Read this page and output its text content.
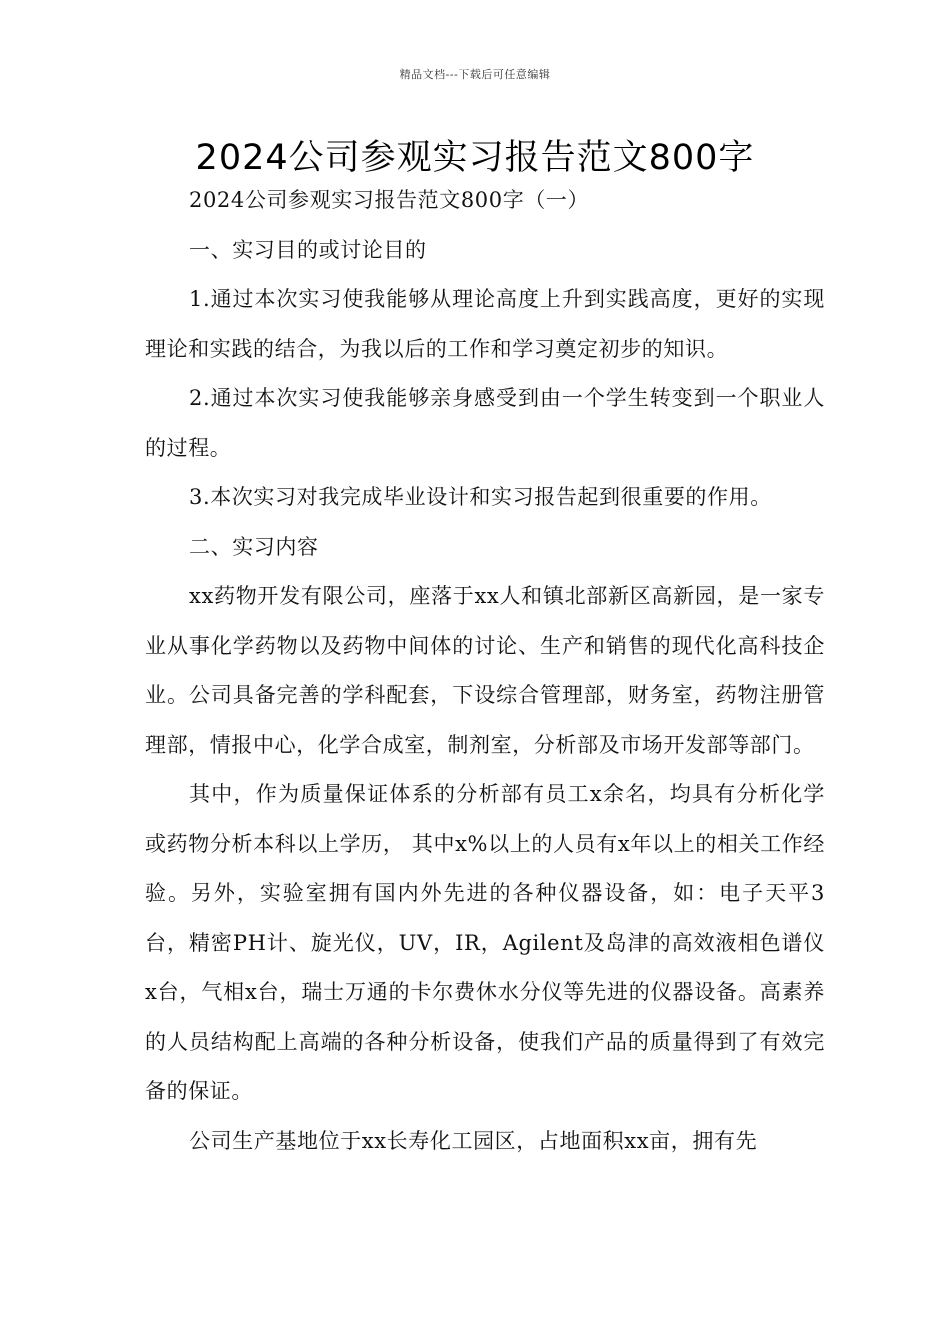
精品文档---下载后可任意编辑
2024公司参观实习报告范文800字

2024公司参观实习报告范文800字（一）

一、实习目的或讨论目的

1.通过本次实习使我能够从理论高度上升到实践高度，更好的实现理论和实践的结合，为我以后的工作和学习奠定初步的知识。

2.通过本次实习使我能够亲身感受到由一个学生转变到一个职业人的过程。

3.本次实习对我完成毕业设计和实习报告起到很重要的作用。

二、实习内容

xx药物开发有限公司，座落于xx人和镇北部新区高新园，是一家专业从事化学药物以及药物中间体的讨论、生产和销售的现代化高科技企业。公司具备完善的学科配套，下设综合管理部，财务室，药物注册管理部，情报中心，化学合成室，制剂室，分析部及市场开发部等部门。

其中，作为质量保证体系的分析部有员工x余名，均具有分析化学或药物分析本科以上学历， 其中x%以上的人员有x年以上的相关工作经验。另外，实验室拥有国内外先进的各种仪器设备，如：电子天平3台，精密PH计、旋光仪，UV，IR，Agilent及岛津的高效液相色谱仪x台，气相x台，瑞士万通的卡尔费休水分仪等先进的仪器设备。高素养的人员结构配上高端的各种分析设备，使我们产品的质量得到了有效完备的保证。

公司生产基地位于xx长寿化工园区，占地面积xx亩，拥有先
